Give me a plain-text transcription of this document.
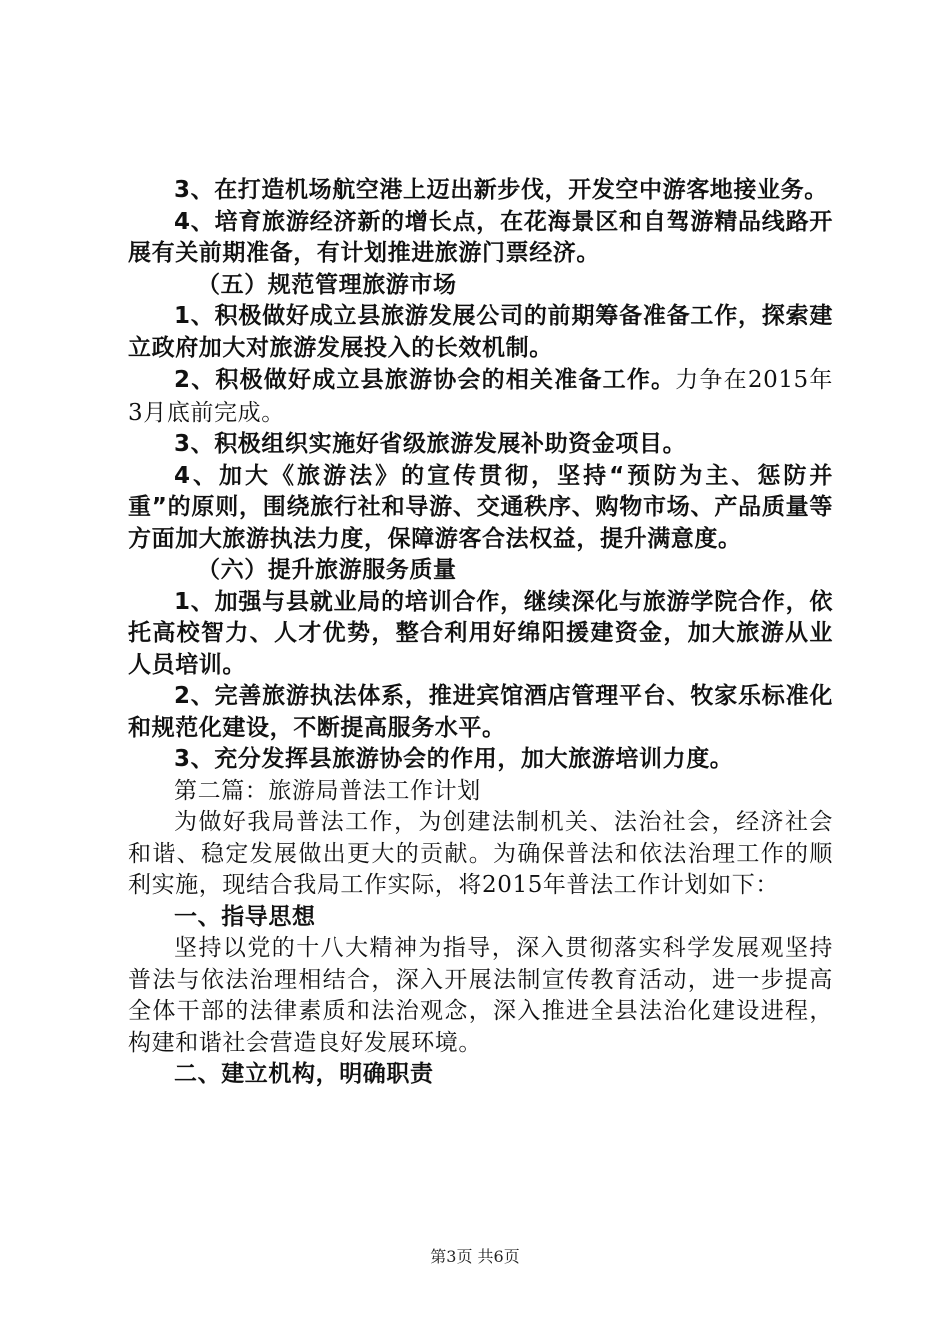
3、在打造机场航空港上迈出新步伐，开发空中游客地接业务。

4、培育旅游经济新的增长点，在花海景区和自驾游精品线路开展有关前期准备，有计划推进旅游门票经济。

（五）规范管理旅游市场

1、积极做好成立县旅游发展公司的前期筹备准备工作，探索建立政府加大对旅游发展投入的长效机制。

2、积极做好成立县旅游协会的相关准备工作。力争在2015年3月底前完成。

3、积极组织实施好省级旅游发展补助资金项目。

4、加大《旅游法》的宣传贯彻，坚持“预防为主、惩防并重”的原则，围绕旅行社和导游、交通秩序、购物市场、产品质量等方面加大旅游执法力度，保障游客合法权益，提升满意度。

（六）提升旅游服务质量

1、加强与县就业局的培训合作，继续深化与旅游学院合作，依托高校智力、人才优势，整合利用好绵阳援建资金，加大旅游从业人员培训。

2、完善旅游执法体系，推进宾馆酒店管理平台、牧家乐标准化和规范化建设，不断提高服务水平。

3、充分发挥县旅游协会的作用，加大旅游培训力度。

第二篇：旅游局普法工作计划

为做好我局普法工作，为创建法制机关、法治社会，经济社会和谐、稳定发展做出更大的贡献。为确保普法和依法治理工作的顺利实施，现结合我局工作实际，将2015年普法工作计划如下：

一、指导思想

坚持以党的十八大精神为指导，深入贯彻落实科学发展观坚持普法与依法治理相结合，深入开展法制宣传教育活动，进一步提高全体干部的法律素质和法治观念，深入推进全县法治化建设进程，构建和谐社会营造良好发展环境。

二、建立机构，明确职责

第3页 共6页
